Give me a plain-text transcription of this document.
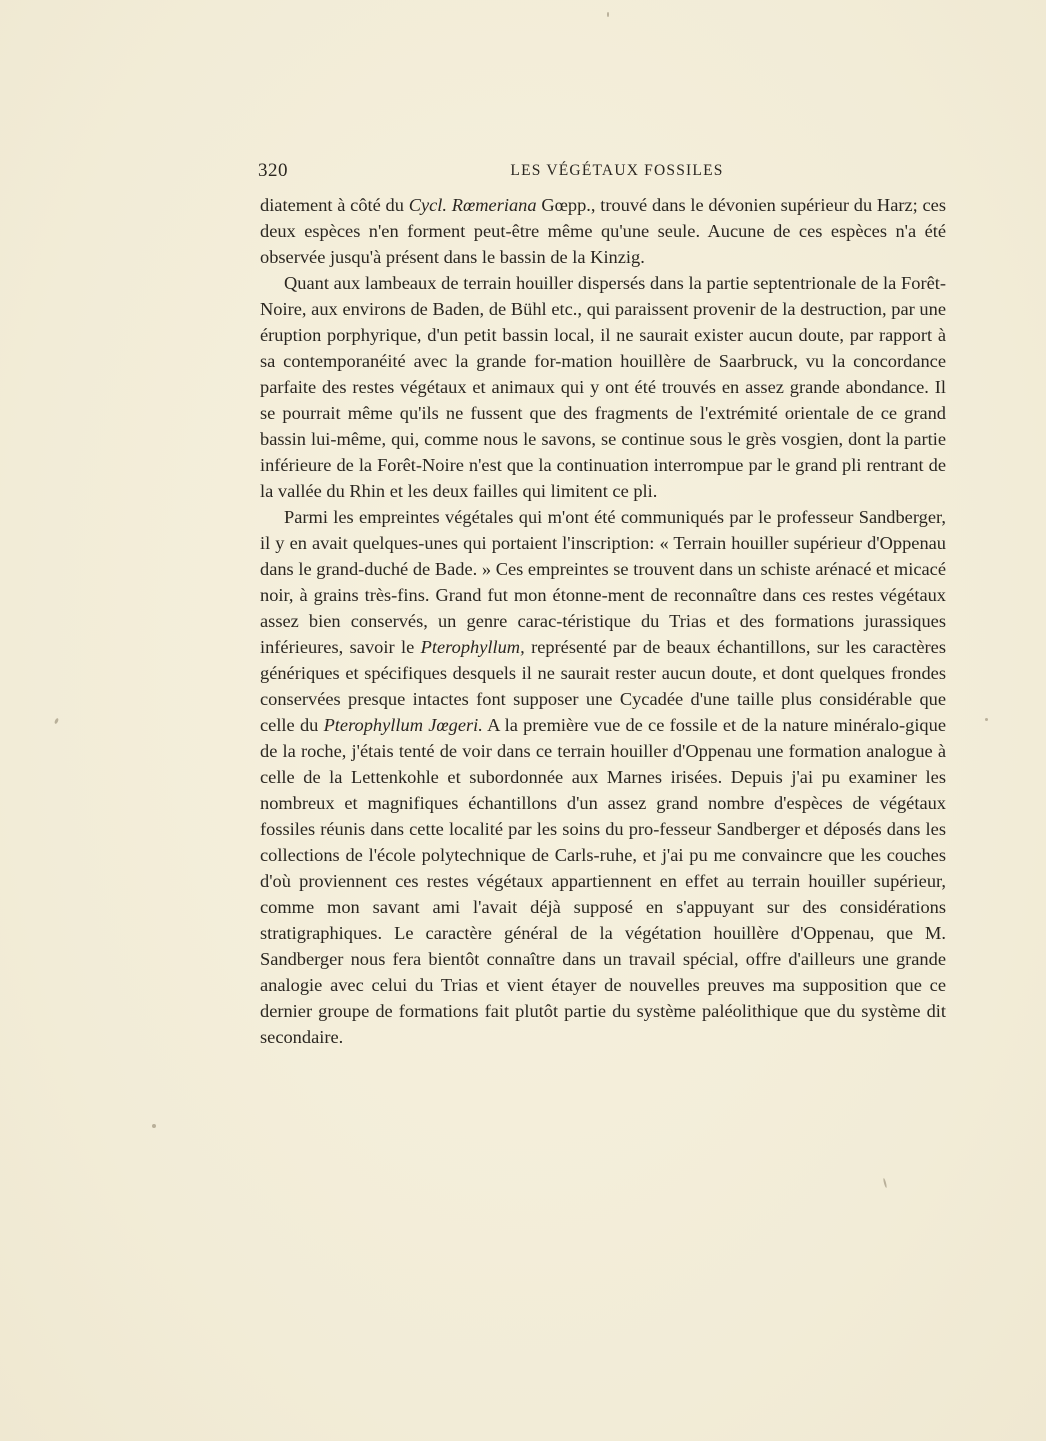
320	LES VÉGÉTAUX FOSSILES

diatement à côté du Cycl. Rœmeriana Gœpp., trouvé dans le dévonien supérieur du Harz; ces deux espèces n'en forment peut-être même qu'une seule. Aucune de ces espèces n'a été observée jusqu'à présent dans le bassin de la Kinzig.

Quant aux lambeaux de terrain houiller dispersés dans la partie septentrionale de la Forêt-Noire, aux environs de Baden, de Bühl etc., qui paraissent provenir de la destruction, par une éruption porphyrique, d'un petit bassin local, il ne saurait exister aucun doute, par rapport à sa contemporanéité avec la grande for-mation houillère de Saarbruck, vu la concordance parfaite des restes végétaux et animaux qui y ont été trouvés en assez grande abondance. Il se pourrait même qu'ils ne fussent que des fragments de l'extrémité orientale de ce grand bassin lui-même, qui, comme nous le savons, se continue sous le grès vosgien, dont la partie inférieure de la Forêt-Noire n'est que la continuation interrompue par le grand pli rentrant de la vallée du Rhin et les deux failles qui limitent ce pli.

Parmi les empreintes végétales qui m'ont été communiqués par le professeur Sandberger, il y en avait quelques-unes qui portaient l'inscription: « Terrain houiller supérieur d'Oppenau dans le grand-duché de Bade. » Ces empreintes se trouvent dans un schiste arénacé et micacé noir, à grains très-fins. Grand fut mon étonne-ment de reconnaître dans ces restes végétaux assez bien conservés, un genre carac-téristique du Trias et des formations jurassiques inférieures, savoir le Pterophyllum, représenté par de beaux échantillons, sur les caractères génériques et spécifiques desquels il ne saurait rester aucun doute, et dont quelques frondes conservées presque intactes font supposer une Cycadée d'une taille plus considérable que celle du Pterophyllum Jœgeri. A la première vue de ce fossile et de la nature minéralo-gique de la roche, j'étais tenté de voir dans ce terrain houiller d'Oppenau une formation analogue à celle de la Lettenkohle et subordonnée aux Marnes irisées. Depuis j'ai pu examiner les nombreux et magnifiques échantillons d'un assez grand nombre d'espèces de végétaux fossiles réunis dans cette localité par les soins du pro-fesseur Sandberger et déposés dans les collections de l'école polytechnique de Carls-ruhe, et j'ai pu me convaincre que les couches d'où proviennent ces restes végétaux appartiennent en effet au terrain houiller supérieur, comme mon savant ami l'avait déjà supposé en s'appuyant sur des considérations stratigraphiques. Le caractère général de la végétation houillère d'Oppenau, que M. Sandberger nous fera bientôt connaître dans un travail spécial, offre d'ailleurs une grande analogie avec celui du Trias et vient étayer de nouvelles preuves ma supposition que ce dernier groupe de formations fait plutôt partie du système paléolithique que du système dit secondaire.
